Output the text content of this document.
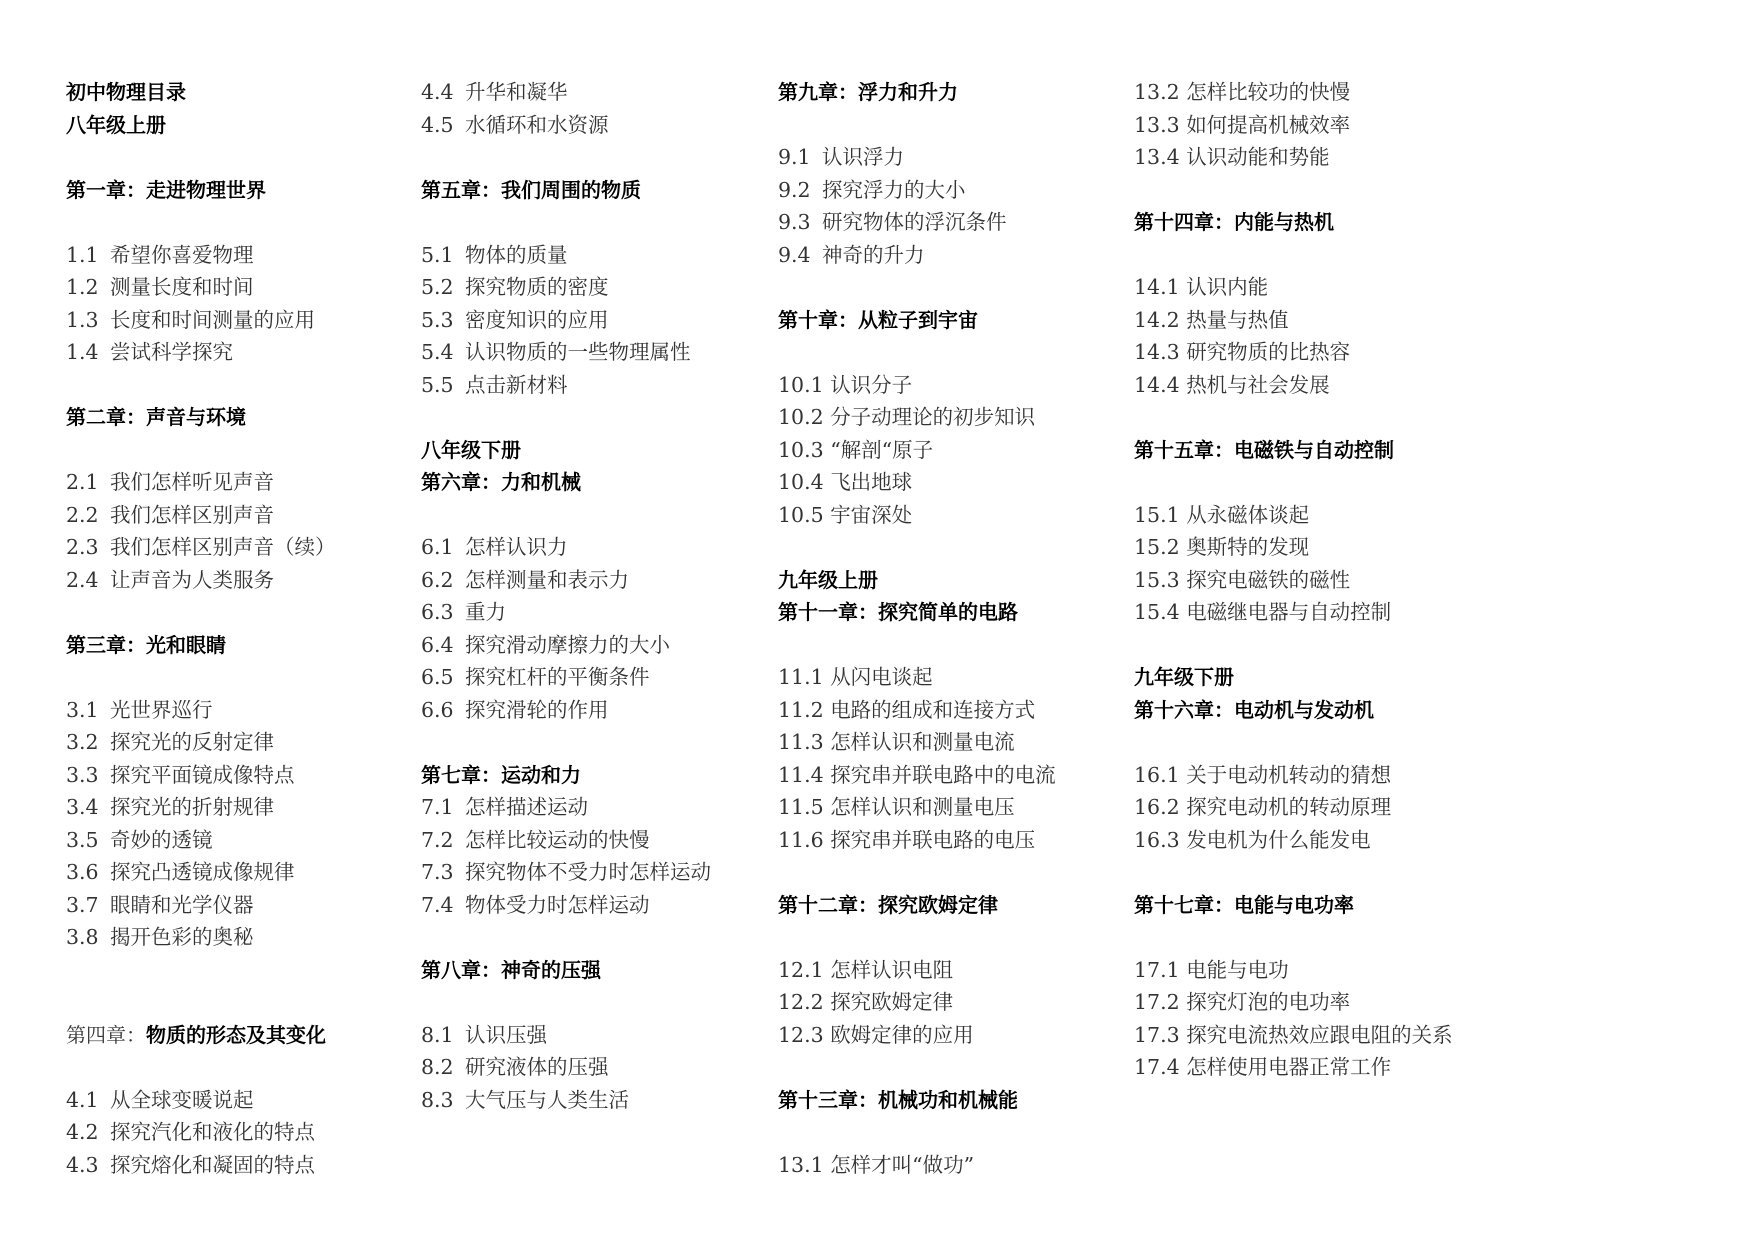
初中物理目录
八年级上册
第一章：走进物理世界
1.1 希望你喜爱物理
1.2 测量长度和时间
1.3 长度和时间测量的应用
1.4 尝试科学探究
第二章：声音与环境
2.1 我们怎样听见声音
2.2 我们怎样区别声音
2.3 我们怎样区别声音（续）
2.4 让声音为人类服务
第三章：光和眼睛
3.1 光世界巡行
3.2 探究光的反射定律
3.3 探究平面镜成像特点
3.4 探究光的折射规律
3.5 奇妙的透镜
3.6 探究凸透镜成像规律
3.7 眼睛和光学仪器
3.8 揭开色彩的奥秘
第四章：物质的形态及其变化
4.1 从全球变暖说起
4.2 探究汽化和液化的特点
4.3 探究熔化和凝固的特点
4.4 升华和凝华
4.5 水循环和水资源
第五章：我们周围的物质
5.1 物体的质量
5.2 探究物质的密度
5.3 密度知识的应用
5.4 认识物质的一些物理属性
5.5 点击新材料
八年级下册
第六章：力和机械
6.1 怎样认识力
6.2 怎样测量和表示力
6.3 重力
6.4 探究滑动摩擦力的大小
6.5 探究杠杆的平衡条件
6.6 探究滑轮的作用
第七章：运动和力
7.1 怎样描述运动
7.2 怎样比较运动的快慢
7.3 探究物体不受力时怎样运动
7.4 物体受力时怎样运动
第八章：神奇的压强
8.1 认识压强
8.2 研究液体的压强
8.3 大气压与人类生活
第九章：浮力和升力
9.1 认识浮力
9.2 探究浮力的大小
9.3 研究物体的浮沉条件
9.4 神奇的升力
第十章：从粒子到宇宙
10.1 认识分子
10.2 分子动理论的初步知识
10.3 “解剖“原子
10.4 飞出地球
10.5 宇宙深处
九年级上册
第十一章：探究简单的电路
11.1 从闪电谈起
11.2 电路的组成和连接方式
11.3 怎样认识和测量电流
11.4 探究串并联电路中的电流
11.5 怎样认识和测量电压
11.6 探究串并联电路的电压
第十二章：探究欧姆定律
12.1 怎样认识电阻
12.2 探究欧姆定律
12.3 欧姆定律的应用
第十三章：机械功和机械能
13.1 怎样才叫“做功”
13.2 怎样比较功的快慢
13.3 如何提高机械效率
13.4 认识动能和势能
第十四章：内能与热机
14.1 认识内能
14.2 热量与热值
14.3 研究物质的比热容
14.4 热机与社会发展
第十五章：电磁铁与自动控制
15.1 从永磁体谈起
15.2 奥斯特的发现
15.3 探究电磁铁的磁性
15.4 电磁继电器与自动控制
九年级下册
第十六章：电动机与发动机
16.1 关于电动机转动的猜想
16.2 探究电动机的转动原理
16.3 发电机为什么能发电
第十七章：电能与电功率
17.1 电能与电功
17.2 探究灯泡的电功率
17.3 探究电流热效应跟电阻的关系
17.4 怎样使用电器正常工作
